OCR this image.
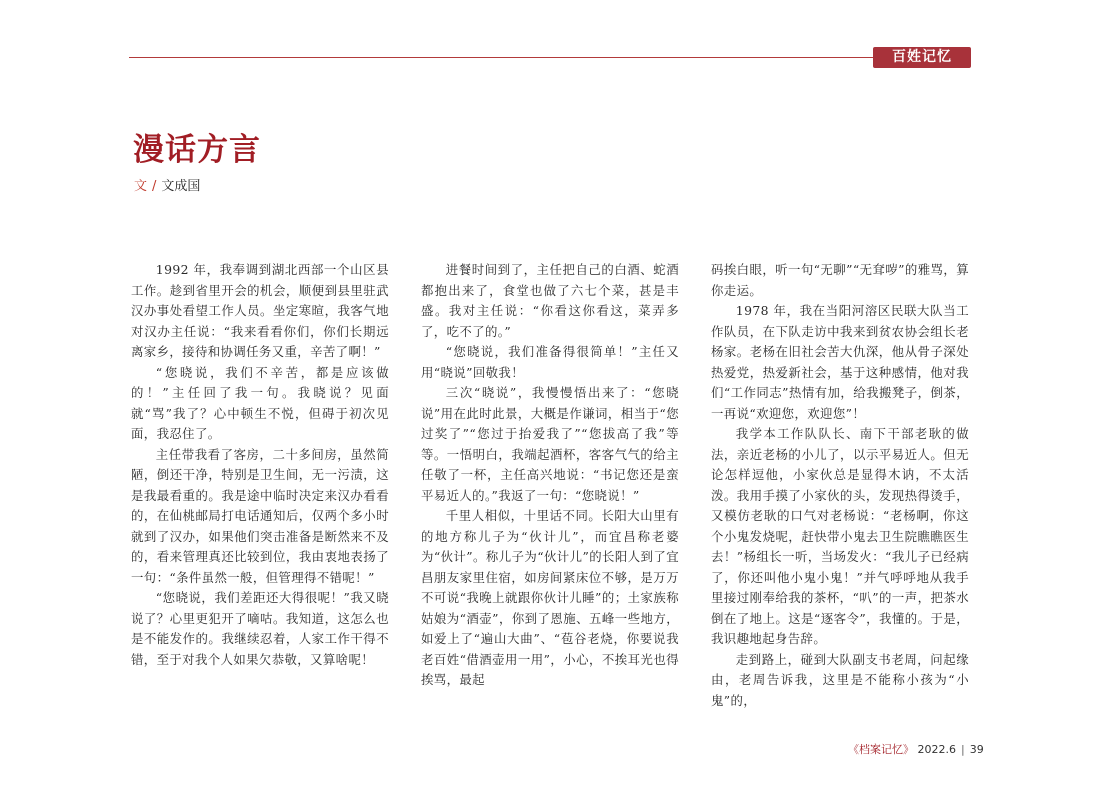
百姓记忆
漫话方言
文 / 文成国

1992 年，我奉调到湖北西部一个山区县工作。趁到省里开会的机会，顺便到县里驻武汉办事处看望工作人员。坐定寒暄，我客气地对汉办主任说：“我来看看你们，你们长期远离家乡，接待和协调任务又重，辛苦了啊！”

“您晓说，我们不辛苦，都是应该做的！”主任回了我一句。我晓说？见面就“骂”我了？心中顿生不悦，但碍于初次见面，我忍住了。

主任带我看了客房，二十多间房，虽然简陋，倒还干净，特别是卫生间，无一污渍，这是我最看重的。我是途中临时决定来汉办看看的，在仙桃邮局打电话通知后，仅两个多小时就到了汉办，如果他们突击准备是断然来不及的，看来管理真还比较到位，我由衷地表扬了一句：“条件虽然一般，但管理得不错呢！”

“您晓说，我们差距还大得很呢！”我又晓说了？心里更犯开了嘀咕。我知道，这怎么也是不能发作的。我继续忍着，人家工作干得不错，至于对我个人如果欠恭敬，又算啥呢！

进餐时间到了，主任把自己的白酒、蛇酒都抱出来了，食堂也做了六七个菜，甚是丰盛。我对主任说：“你看这你看这，菜弄多了，吃不了的。”

“您晓说，我们准备得很简单！”主任又用“晓说”回敬我！

三次“晓说”，我慢慢悟出来了：“您晓说”用在此时此景，大概是作谦词，相当于“您过奖了”“您过于抬爱我了”“您拔高了我”等等。一悟明白，我端起酒杯，客客气气的给主任敬了一杯，主任高兴地说：“书记您还是蛮平易近人的。”我返了一句：“您晓说！”

千里人相似，十里话不同。长阳大山里有的地方称儿子为“伙计儿”，而宜昌称老婆为“伙计”。称儿子为“伙计儿”的长阳人到了宜昌朋友家里住宿，如房间紧床位不够，是万万不可说“我晚上就跟你伙计儿睡”的；土家族称姑娘为“酒壶”，你到了恩施、五峰一些地方，如爱上了“遍山大曲”、“苞谷老烧，你要说我老百姓“借酒壶用一用”，小心，不挨耳光也得挨骂，最起

码挨白眼，听一句“无聊”“无耷哕”的雅骂，算你走运。

1978 年，我在当阳河溶区民联大队当工作队员，在下队走访中我来到贫农协会组长老杨家。老杨在旧社会苦大仇深，他从骨子深处热爱党，热爱新社会，基于这种感情，他对我们“工作同志”热情有加，给我搬凳子，倒茶，一再说“欢迎您，欢迎您”！

我学本工作队队长、南下干部老耿的做法，亲近老杨的小儿了，以示平易近人。但无论怎样逗他，小家伙总是显得木讷，不太活泼。我用手摸了小家伙的头，发现热得烫手，又模仿老耿的口气对老杨说：“老杨啊，你这个小鬼发烧呢，赶快带小鬼去卫生院瞧瞧医生去！”杨组长一听，当场发火：“我儿子已经病了，你还叫他小鬼小鬼！”并气呼呼地从我手里接过刚奉给我的茶杯，“叭”的一声，把茶水倒在了地上。这是“逐客令”，我懂的。于是，我识趣地起身告辞。

走到路上，碰到大队副支书老周，问起缘由，老周告诉我，这里是不能称小孩为“小鬼”的，

《档案记忆》 2022.6 | 39
